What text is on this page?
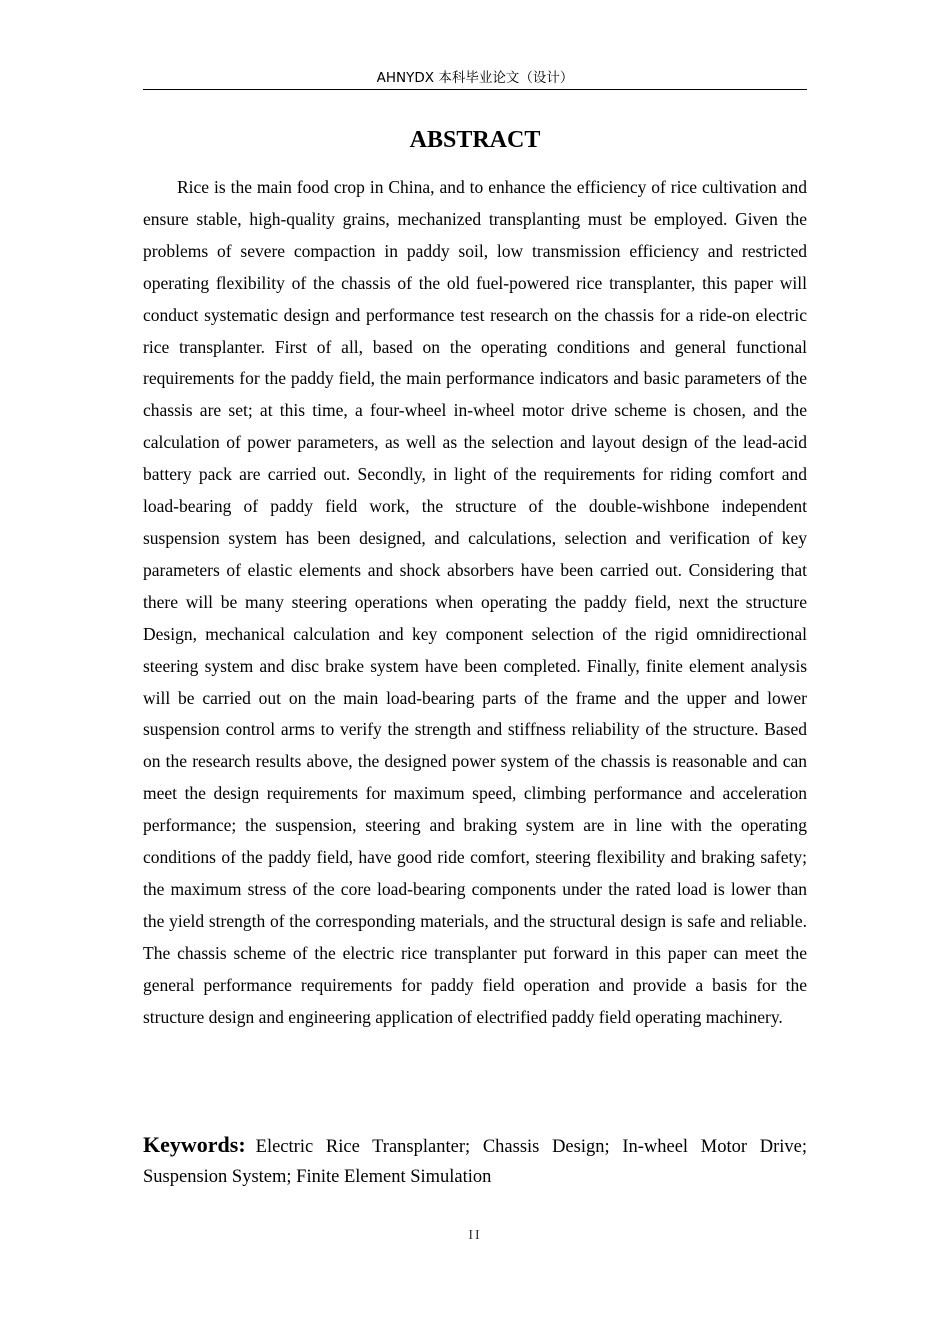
AHNYDX 本科毕业论文（设计）
ABSTRACT

Rice is the main food crop in China, and to enhance the efficiency of rice cultivation and ensure stable, high-quality grains, mechanized transplanting must be employed. Given the problems of severe compaction in paddy soil, low transmission efficiency and restricted operating flexibility of the chassis of the old fuel-powered rice transplanter, this paper will conduct systematic design and performance test research on the chassis for a ride-on electric rice transplanter. First of all, based on the operating conditions and general functional requirements for the paddy field, the main performance indicators and basic parameters of the chassis are set; at this time, a four-wheel in-wheel motor drive scheme is chosen, and the calculation of power parameters, as well as the selection and layout design of the lead-acid battery pack are carried out. Secondly, in light of the requirements for riding comfort and load-bearing of paddy field work, the structure of the double-wishbone independent suspension system has been designed, and calculations, selection and verification of key parameters of elastic elements and shock absorbers have been carried out. Considering that there will be many steering operations when operating the paddy field, next the structure Design, mechanical calculation and key component selection of the rigid omnidirectional steering system and disc brake system have been completed. Finally, finite element analysis will be carried out on the main load-bearing parts of the frame and the upper and lower suspension control arms to verify the strength and stiffness reliability of the structure. Based on the research results above, the designed power system of the chassis is reasonable and can meet the design requirements for maximum speed, climbing performance and acceleration performance; the suspension, steering and braking system are in line with the operating conditions of the paddy field, have good ride comfort, steering flexibility and braking safety; the maximum stress of the core load-bearing components under the rated load is lower than the yield strength of the corresponding materials, and the structural design is safe and reliable. The chassis scheme of the electric rice transplanter put forward in this paper can meet the general performance requirements for paddy field operation and provide a basis for the structure design and engineering application of electrified paddy field operating machinery.

Keywords: Electric Rice Transplanter; Chassis Design; In-wheel Motor Drive; Suspension System; Finite Element Simulation

II
